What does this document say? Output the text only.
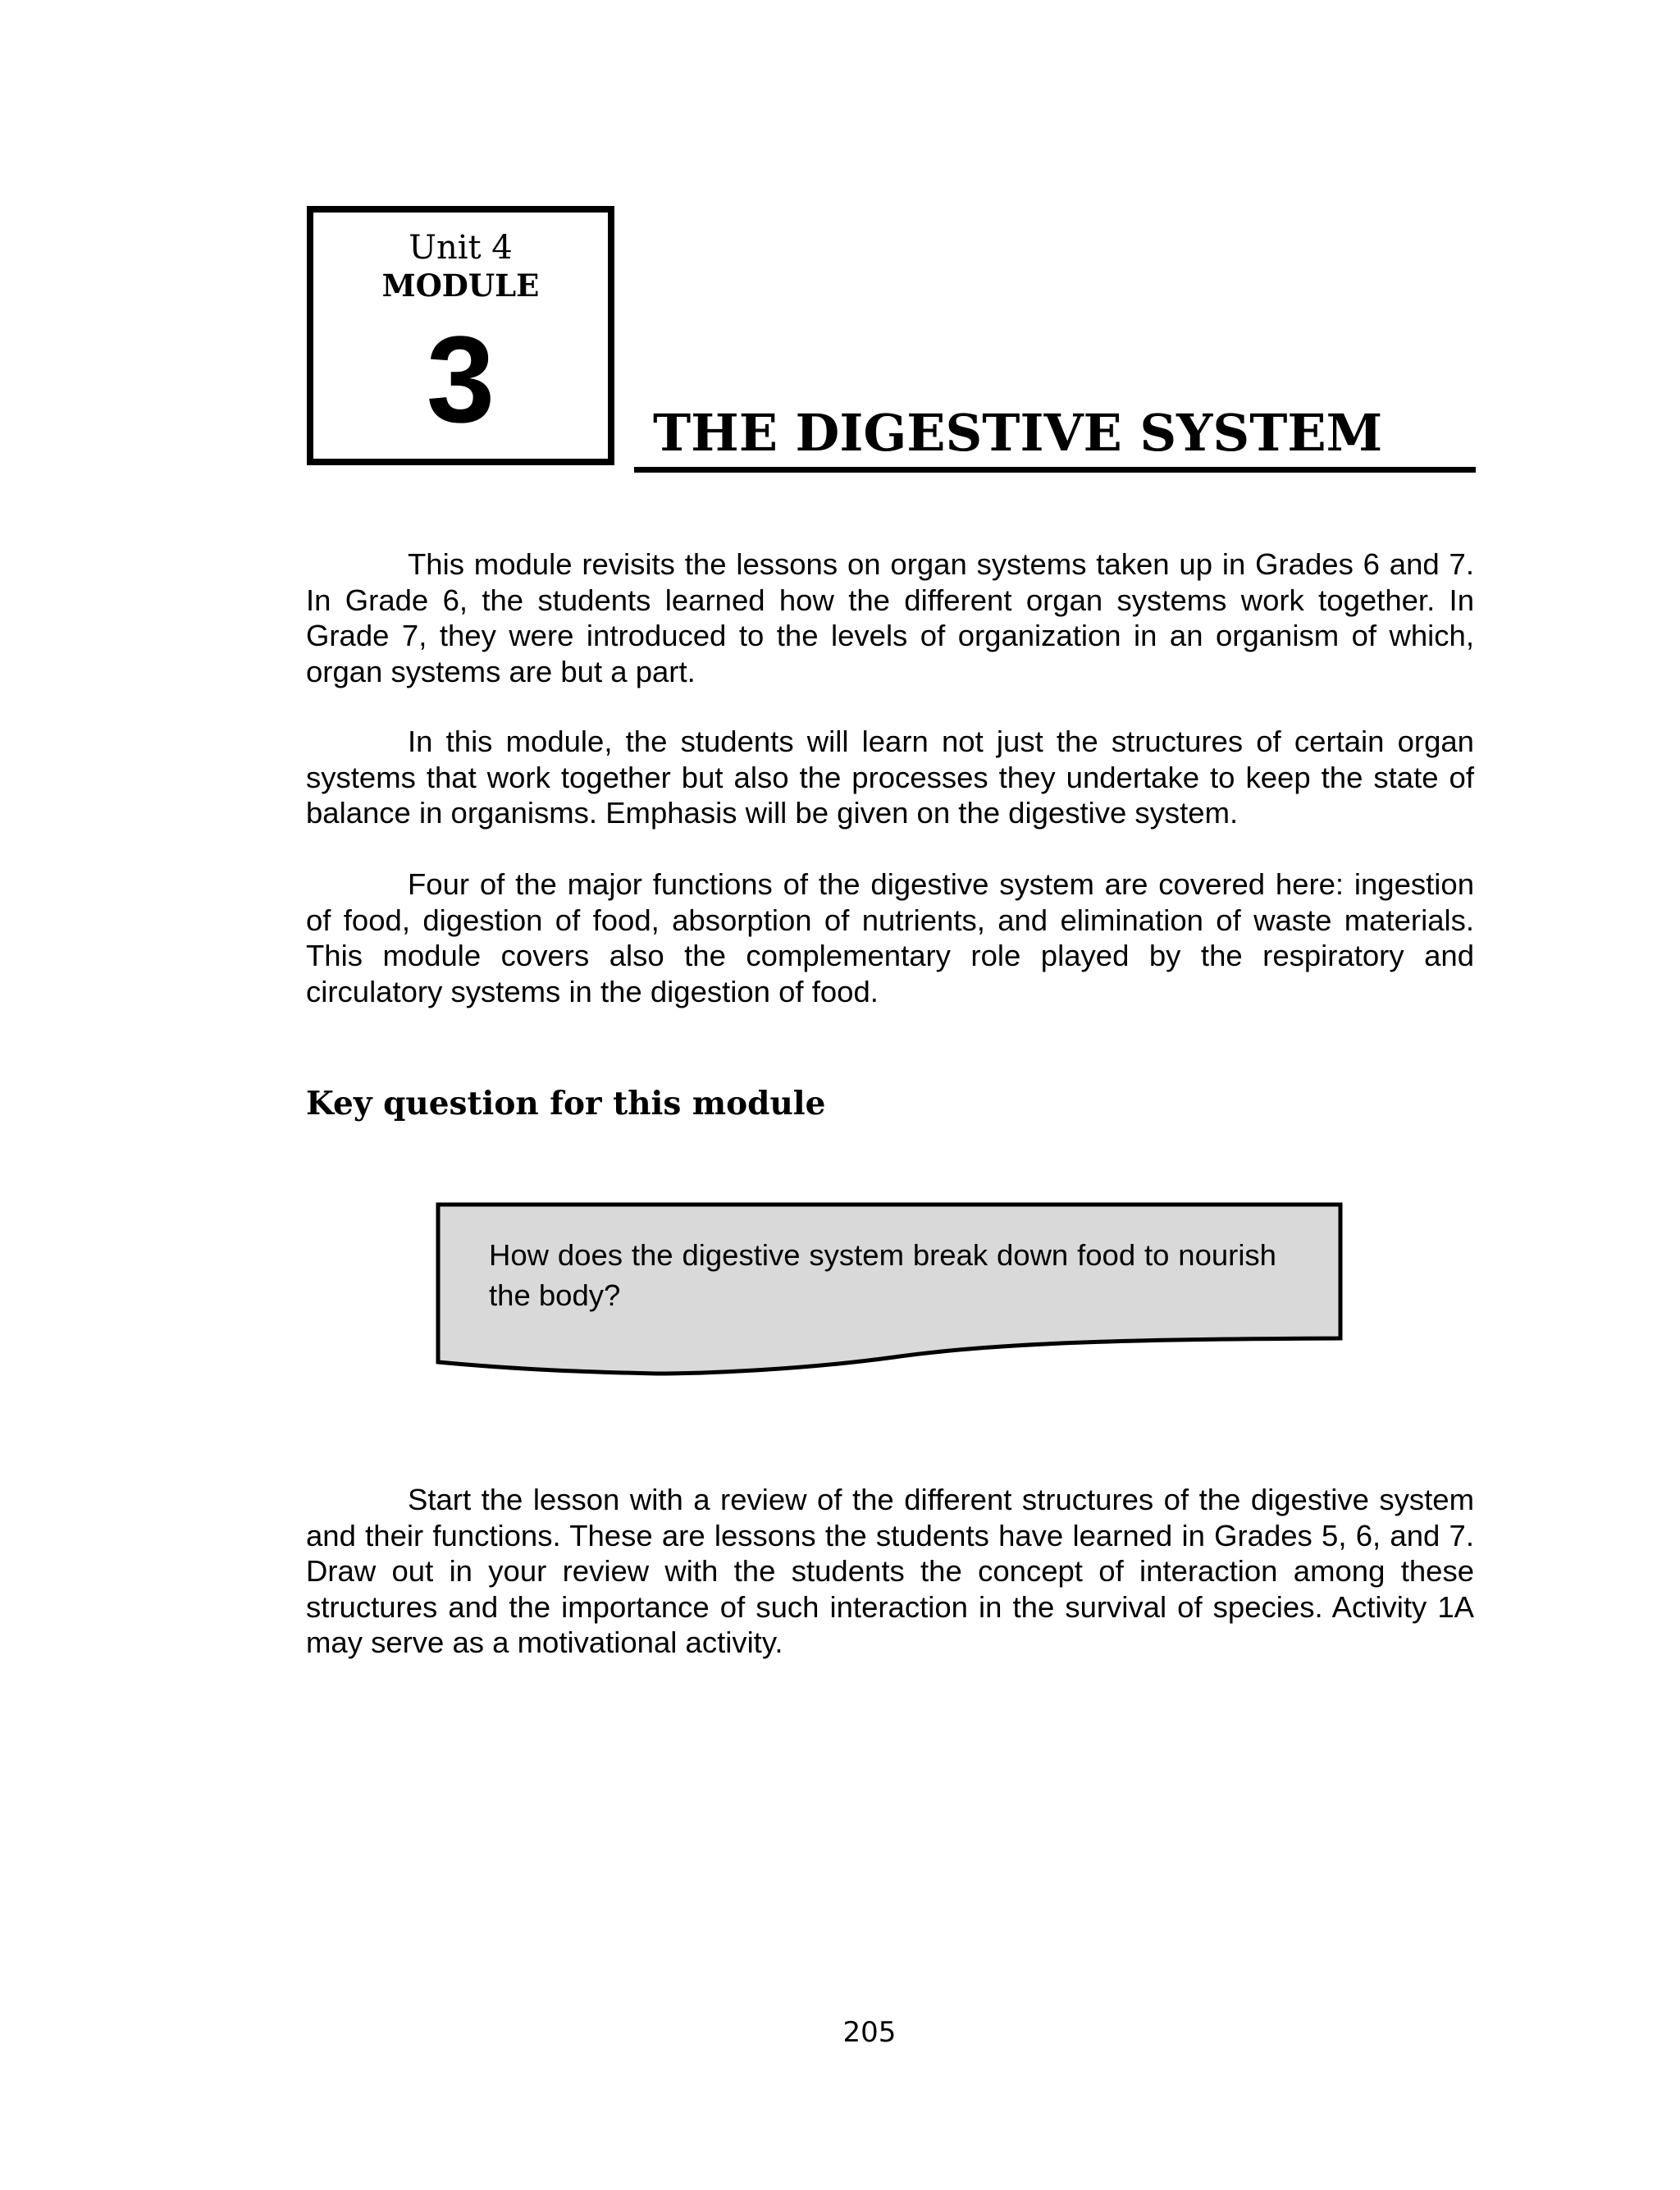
Unit 4
MODULE
3	THE DIGESTIVE SYSTEM

This module revisits the lessons on organ systems taken up in Grades 6 and 7. In Grade 6, the students learned how the different organ systems work together. In Grade 7, they were introduced to the levels of organization in an organism of which, organ systems are but a part.

In this module, the students will learn not just the structures of certain organ systems that work together but also the processes they undertake to keep the state of balance in organisms. Emphasis will be given on the digestive system.

Four of the major functions of the digestive system are covered here: ingestion of food, digestion of food, absorption of nutrients, and elimination of waste materials. This module covers also the complementary role played by the respiratory and circulatory systems in the digestion of food.

Key question for this module
How does the digestive system break down food to nourish the body?

Start the lesson with a review of the different structures of the digestive system and their functions. These are lessons the students have learned in Grades 5, 6, and 7. Draw out in your review with the students the concept of interaction among these structures and the importance of such interaction in the survival of species. Activity 1A may serve as a motivational activity.

205
